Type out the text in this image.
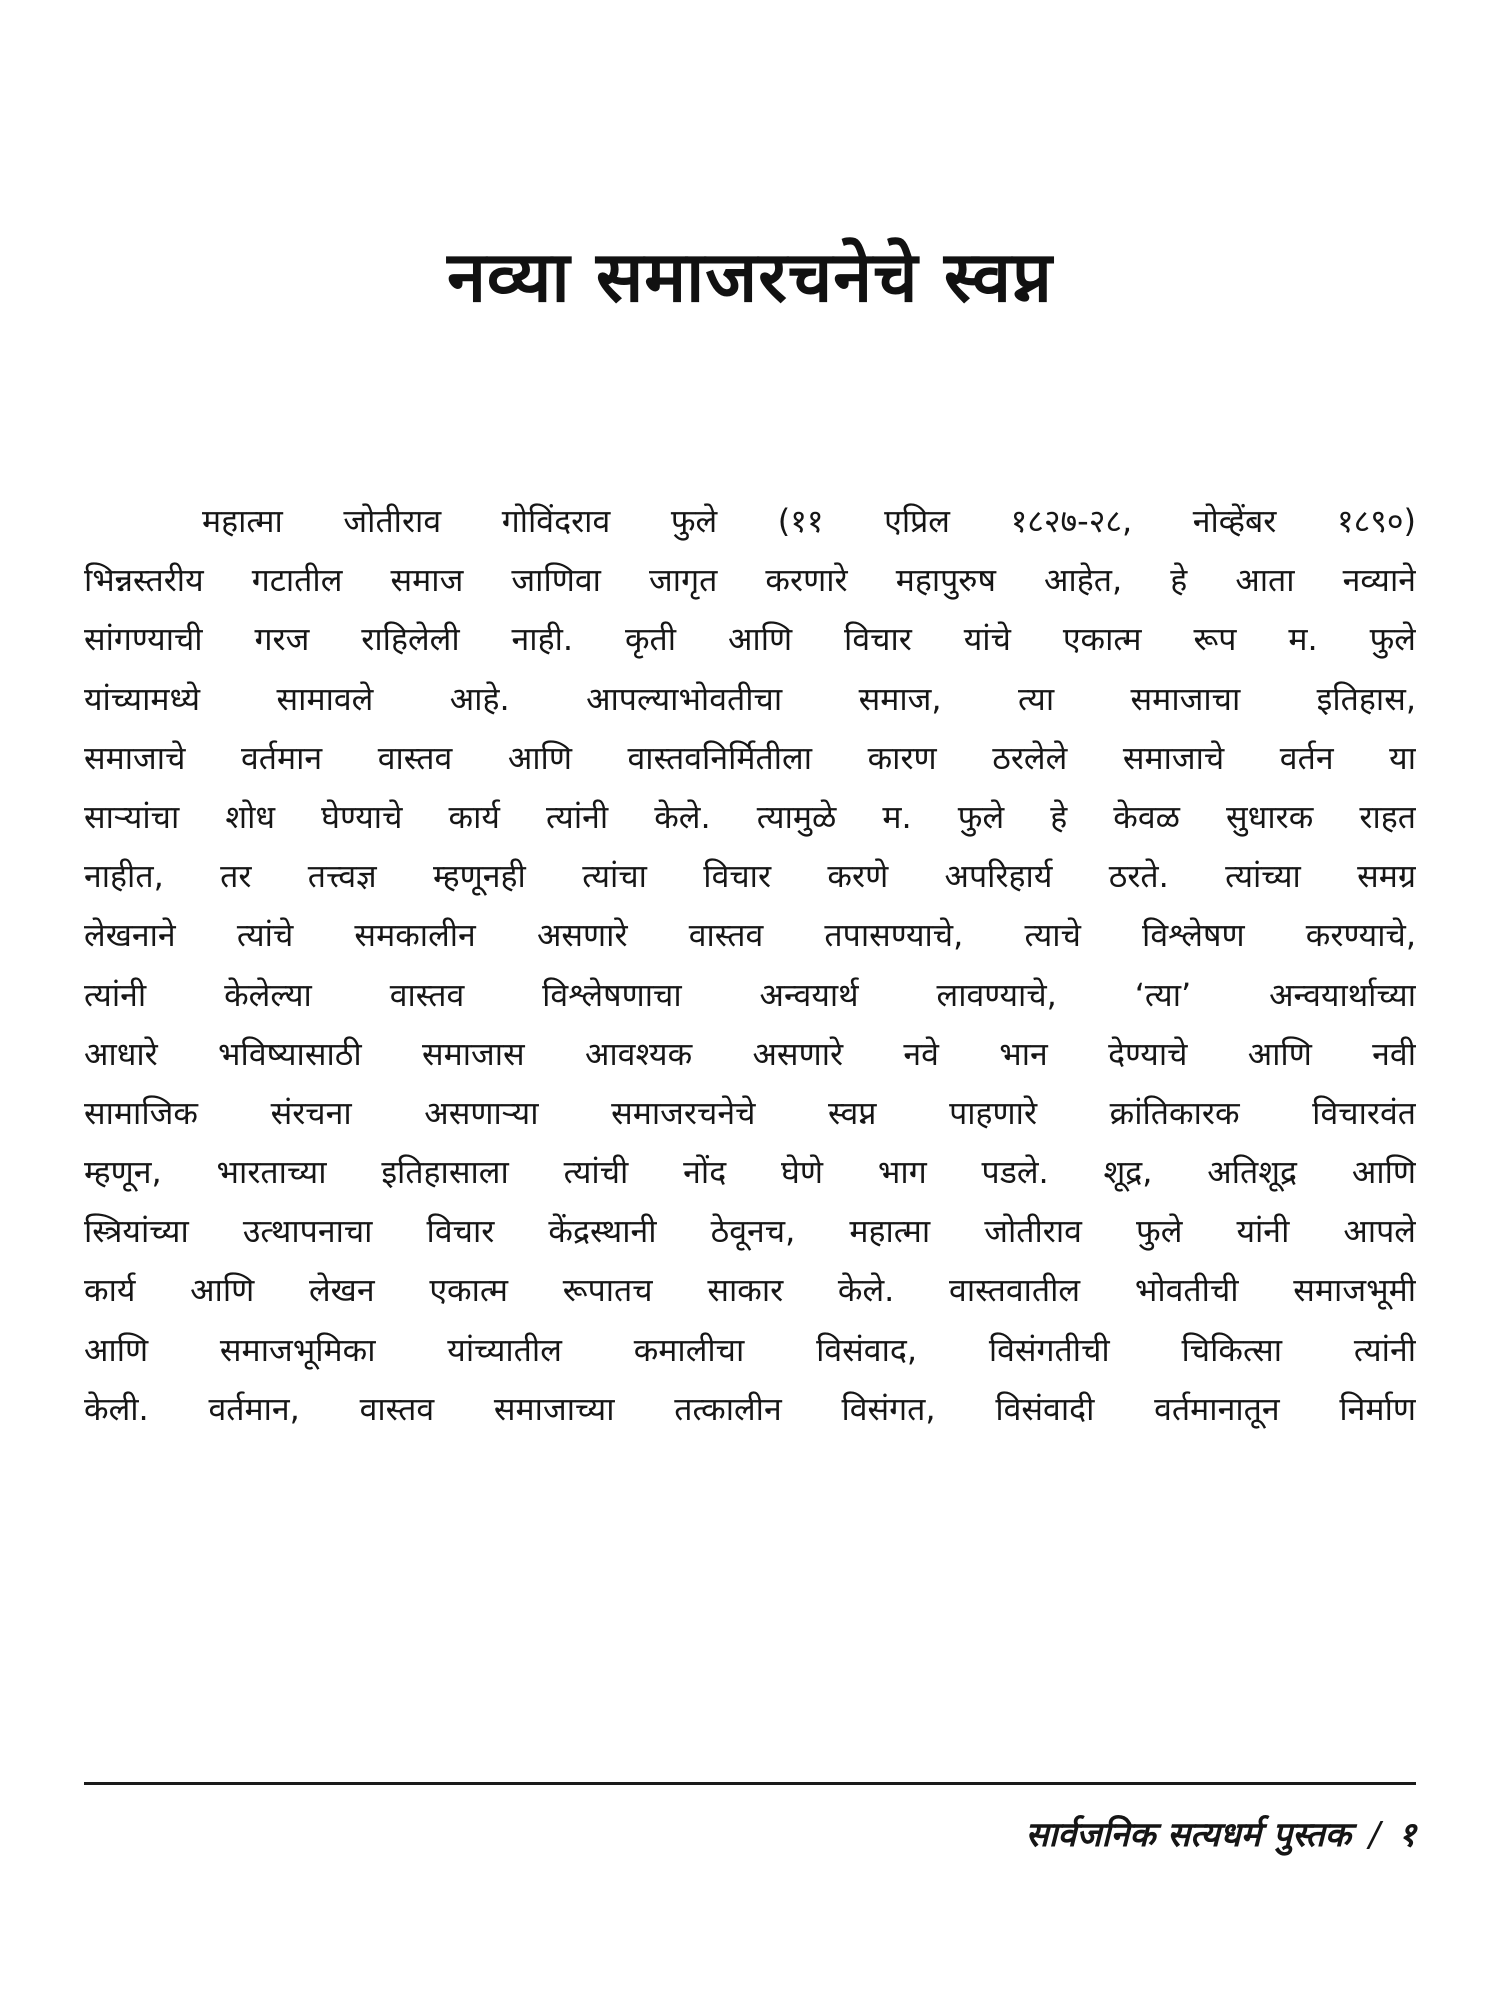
नव्या समाजरचनेचे स्वप्न
महात्मा जोतीराव गोविंदराव फुले (११ एप्रिल १८२७-२८, नोव्हेंबर १८९०)
भिन्नस्तरीय गटातील समाज जाणिवा जागृत करणारे महापुरुष आहेत, हे आता नव्याने
सांगण्याची गरज राहिलेली नाही. कृती आणि विचार यांचे एकात्म रूप म. फुले
यांच्यामध्ये सामावले आहे. आपल्याभोवतीचा समाज, त्या समाजाचा इतिहास,
समाजाचे वर्तमान वास्तव आणि वास्तवनिर्मितीला कारण ठरलेले समाजाचे वर्तन या
साऱ्यांचा शोध घेण्याचे कार्य त्यांनी केले. त्यामुळे म. फुले हे केवळ सुधारक राहत
नाहीत, तर तत्त्वज्ञ म्हणूनही त्यांचा विचार करणे अपरिहार्य ठरते. त्यांच्या समग्र
लेखनाने त्यांचे समकालीन असणारे वास्तव तपासण्याचे, त्याचे विश्लेषण करण्याचे,
त्यांनी केलेल्या वास्तव विश्लेषणाचा अन्वयार्थ लावण्याचे, ‘त्या’ अन्वयार्थाच्या
आधारे भविष्यासाठी समाजास आवश्यक असणारे नवे भान देण्याचे आणि नवी
सामाजिक संरचना असणाऱ्या समाजरचनेचे स्वप्न पाहणारे क्रांतिकारक विचारवंत
म्हणून, भारताच्या इतिहासाला त्यांची नोंद घेणे भाग पडले. शूद्र, अतिशूद्र आणि
स्त्रियांच्या उत्थापनाचा विचार केंद्रस्थानी ठेवूनच, महात्मा जोतीराव फुले यांनी आपले
कार्य आणि लेखन एकात्म रूपातच साकार केले. वास्तवातील भोवतीची समाजभूमी
आणि समाजभूमिका यांच्यातील कमालीचा विसंवाद, विसंगतीची चिकित्सा त्यांनी
केली. वर्तमान, वास्तव समाजाच्या तत्कालीन विसंगत, विसंवादी वर्तमानातून निर्माण
सार्वजनिक सत्यधर्म पुस्तक / १
